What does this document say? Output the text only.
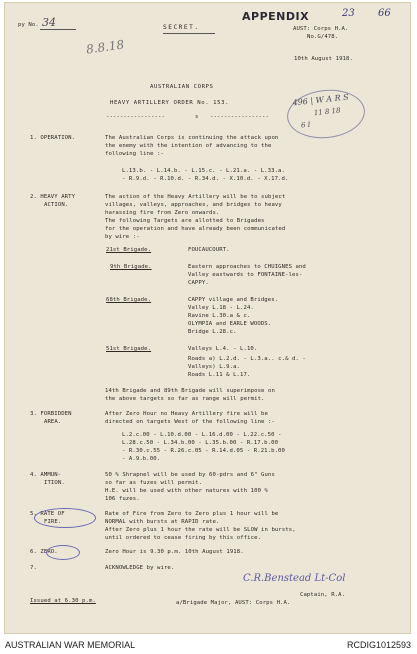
py No. 34	SECRET.
APPENDIX	23 66
AUST: Corps H.A.
No.G/478.
10th August 1918.
8.8.18
496 | W A R S
11 8 18
6 I
AUSTRALIAN CORPS
HEAVY ARTILLERY ORDER No. 153.
-----------------	s -----------------
1. OPERATION.	The Australian Corps is continuing the attack upon
the enemy with the intention of advancing to the
following line :-
L.13.b. - L.14.b. - L.15.c. - L.21.a. - L.33.a.
- R.9.d. - R.10.d. - R.34.d. - X.10.d. - X.17.d.
2. HEAVY ARTY
ACTION.
The action of the Heavy Artillery will be to subject
villages, valleys, approaches, and bridges to heavy
harassing fire from Zero onwards.
The following Targets are allotted to Brigades
for the operation and have already been communicated
by wire :-
21st Brigade.	FOUCAUCOURT.
9th Brigade.	Eastern approaches to CHUIGNES and
Valley eastwards to FONTAINE-les-
CAPPY.
68th Brigade.	CAPPY village and Bridges.
Valley L.18 - L.24.
Ravine L.30.a & c.
OLYMPIA and EARLE WOODS.
Bridge L.28.c.
51st Brigade.	Valleys L.4. - L.10.
Roads a) L.2.d. - L.3.a.. c.& d. -
Valleys) L.9.a.
Roads L.11 & L.17.
14th Brigade and 89th Brigade will superimpose on
the above targets so far as range will permit.
3. FORBIDDEN
AREA.
After Zero Hour no Heavy Artillery fire will be
directed on targets West of the following line :-
L.2.c.00 - L.10.d.00 - L.16.d.00 - L.22.c.50 -
L.28.c.50 - L.34.b.00 - L.35.b.00 - R.17.b.00
- R.30.c.55 - R.26.c.05 - R.14.d.05 - R.21.b.00
- A.9.b.00.
4. AMMUN-
ITION.
50 % Shrapnel will be used by 60-pdrs and 6" Guns
so far as fuzes will permit.
H.E. will be used with other natures with 100 %
106 fuzes.
5. RATE OF
FIRE.
Rate of Fire from Zero to Zero plus 1 hour will be
NORMAL with bursts at RAPID rate.
After Zero plus 1 hour the rate will be SLOW in bursts,
until ordered to cease firing by this office.
6. ZERO.	Zero Hour is 9.30 p.m. 10th August 1918.
7.	ACKNOWLEDGE by wire.
C.R.Benstead Lt-Col
Captain, R.A.
a/Brigade Major, AUST: Corps H.A.
Issued at 6.30 p.m.
AUSTRALIAN WAR MEMORIAL	RCDIG1012593
